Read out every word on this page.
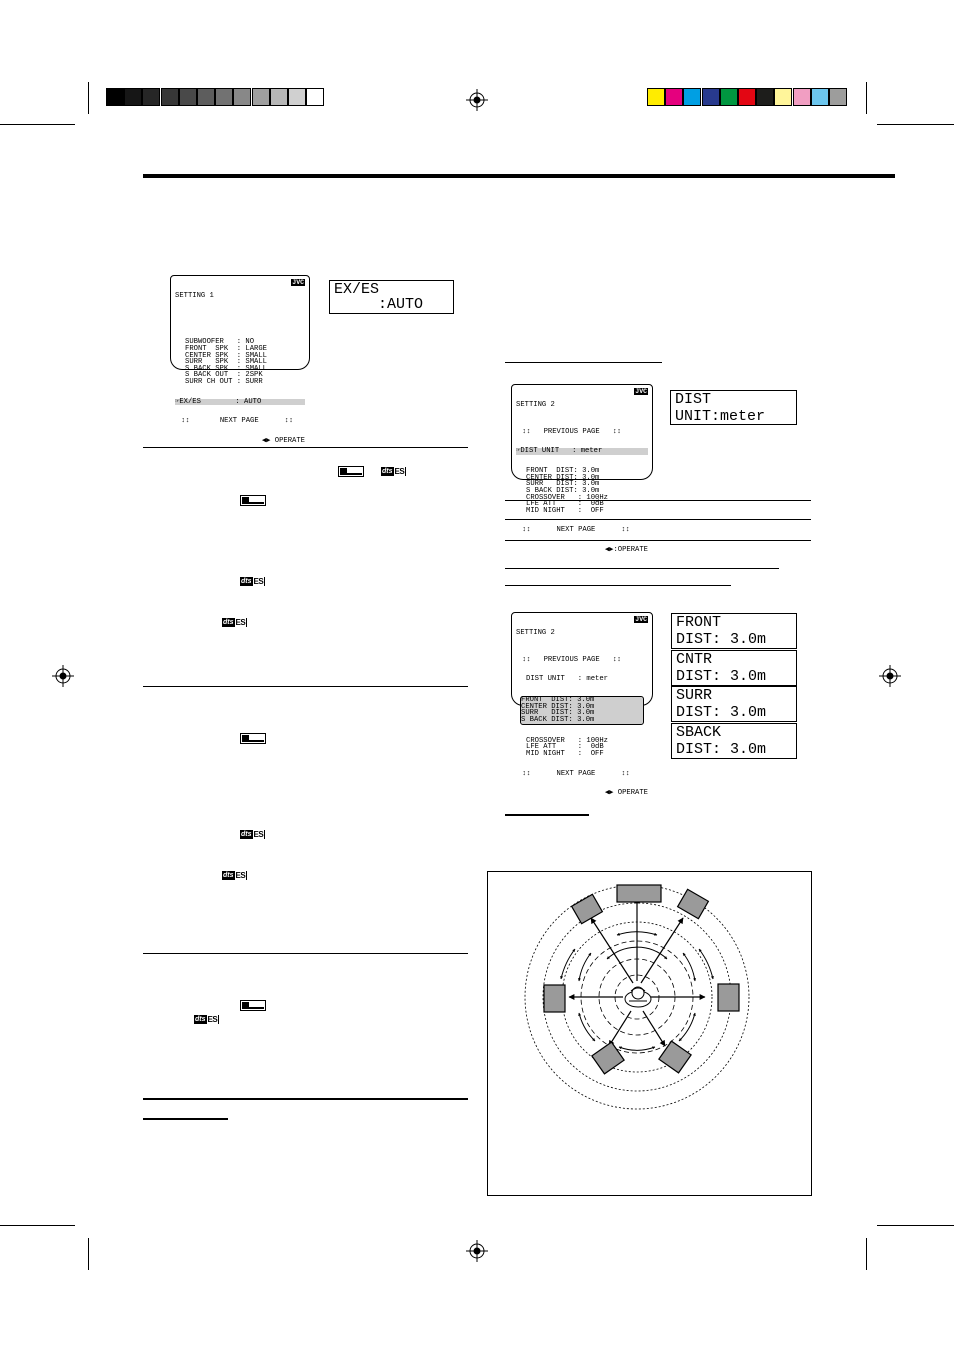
SETTING 1

JVC

SUBWOOFER   : NO
FRONT  SPK  : LARGE
CENTER SPK  : SMALL
SURR   SPK  : SMALL
S BACK SPK  : SMALL
S BACK OUT  : 2SPK
SURR CH OUT : SURR

☞EX/ES        : AUTO

↕↕       NEXT PAGE      ↕↕

◀▶ OPERATE

EX/ES

:AUTO

dts ES
dts ES
dts ES
dts ES
dts ES
dts ES

SETTING 2

JVC

↕↕   PREVIOUS PAGE   ↕↕

☞DIST UNIT   : meter

FRONT  DIST: 3.0m
CENTER DIST: 3.0m
SURR   DIST: 3.0m
S BACK DIST: 3.0m
CROSSOVER   : 100Hz
LFE ATT     :  0dB
MID NIGHT   :  OFF

↕↕      NEXT PAGE      ↕↕

◀▶:OPERATE

DIST

UNIT:meter

SETTING 2

JVC

↕↕   PREVIOUS PAGE   ↕↕

DIST UNIT   : meter

FRONT  DIST: 3.0m
CENTER DIST: 3.0m
SURR   DIST: 3.0m
S BACK DIST: 3.0m

CROSSOVER   : 100Hz
LFE ATT     :  0dB
MID NIGHT   :  OFF

↕↕      NEXT PAGE      ↕↕

◀▶ OPERATE

FRONT
DIST: 3.0m
CNTR
DIST: 3.0m
SURR
DIST: 3.0m
SBACK
DIST: 3.0m
